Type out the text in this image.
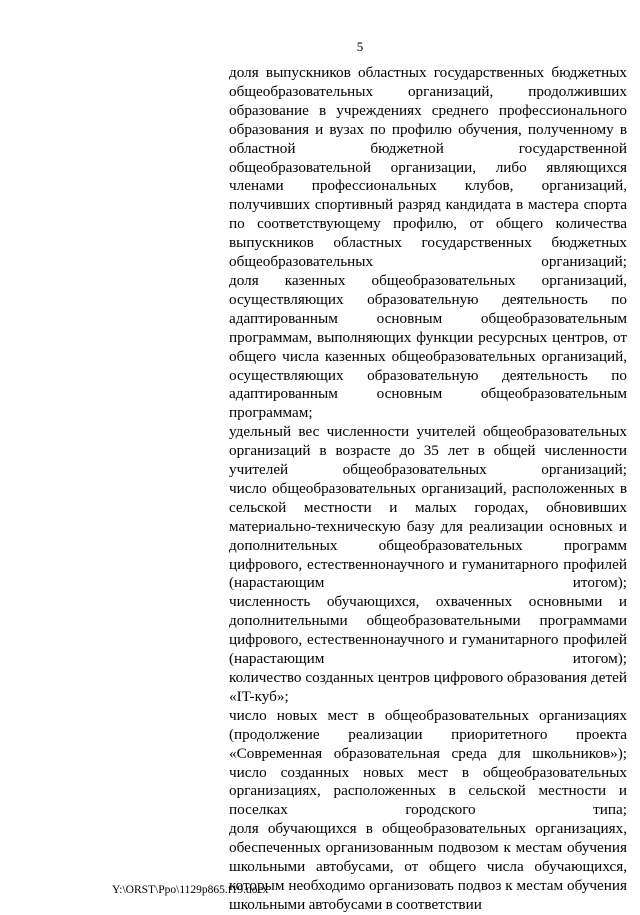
5

доля выпускников областных государственных бюджетных общеобразовательных организаций, продолживших образование в учреждениях среднего профессионального образования и вузах по профилю обучения, полученному в областной бюджетной государственной общеобразовательной организации, либо являющихся членами профессиональных клубов, организаций, получивших спортивный разряд кандидата в мастера спорта по соответствующему профилю, от общего количества выпускников областных государственных бюджетных общеобразовательных организаций;

доля казенных общеобразовательных организаций, осуществляющих образовательную деятельность по адаптированным основным общеобразовательным программам, выполняющих функции ресурсных центров, от общего числа казенных общеобразовательных организаций, осуществляющих образовательную деятельность по адаптированным основным общеобразовательным программам;

удельный вес численности учителей общеобразовательных организаций в возрасте до 35 лет в общей численности учителей общеобразовательных организаций;

число общеобразовательных организаций, расположенных в сельской местности и малых городах, обновивших материально-техническую базу для реализации основных и дополнительных общеобразовательных программ цифрового, естественнонаучного и гуманитарного профилей (нарастающим итогом);

численность обучающихся, охваченных основными и дополнительными общеобразовательными программами цифрового, естественнонаучного и гуманитарного профилей (нарастающим итогом);

количество созданных центров цифрового образования детей «IT-куб»;

число новых мест в общеобразовательных организациях (продолжение реализации приоритетного проекта «Современная образовательная среда для школьников»);

число созданных новых мест в общеобразовательных организациях, расположенных в сельской местности и поселках городского типа;

доля обучающихся в общеобразовательных организациях, обеспеченных организованным подвозом к местам обучения школьными автобусами, от общего числа обучающихся, которым необходимо организовать подвоз к местам обучения школьными автобусами в соответствии

Y:\ORST\Ppo\1129p865.f19.docx
